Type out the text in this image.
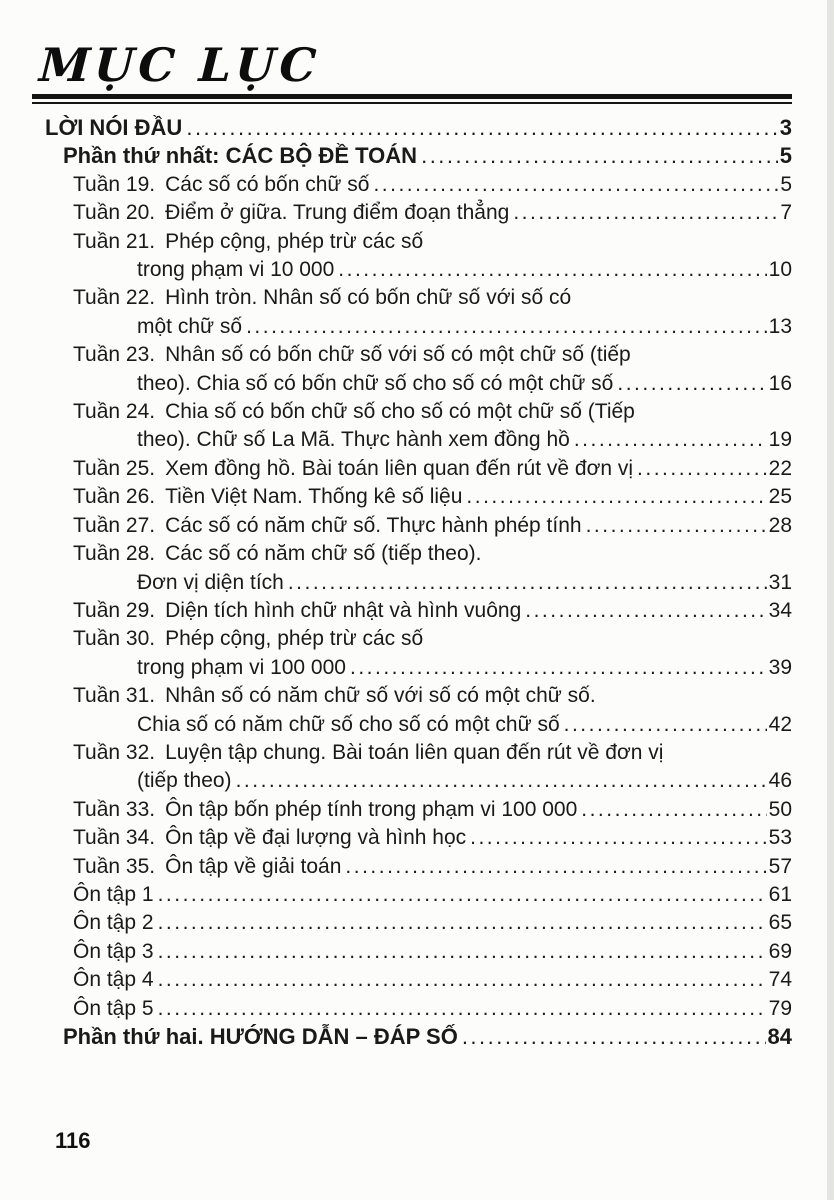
MỤC LỤC
LỜI NÓI ĐẦU .....	3
Phần thứ nhất: CÁC BỘ ĐỀ TOÁN .....	5
Tuần 19. Các số có bốn chữ số .....	5
Tuần 20. Điểm ở giữa. Trung điểm đoạn thẳng .....	7
Tuần 21. Phép cộng, phép trừ các số
trong phạm vi 10 000 .....	10
Tuần 22. Hình tròn. Nhân số có bốn chữ số với số có
một chữ số .....	13
Tuần 23. Nhân số có bốn chữ số với số có một chữ số (tiếp
theo). Chia số có bốn chữ số cho số có một chữ số .....	16
Tuần 24. Chia số có bốn chữ số cho số có một chữ số (Tiếp
theo). Chữ số La Mã. Thực hành xem đồng hồ .....	19
Tuần 25. Xem đồng hồ. Bài toán liên quan đến rút về đơn vị .....	22
Tuần 26. Tiền Việt Nam. Thống kê số liệu .....	25
Tuần 27. Các số có năm chữ số. Thực hành phép tính .....	28
Tuần 28. Các số có năm chữ số (tiếp theo).
Đơn vị diện tích .....	31
Tuần 29. Diện tích hình chữ nhật và hình vuông .....	34
Tuần 30. Phép cộng, phép trừ các số
trong phạm vi 100 000 .....	39
Tuần 31. Nhân số có năm chữ số với số có một chữ số.
Chia số có năm chữ số cho số có một chữ số .....	42
Tuần 32. Luyện tập chung. Bài toán liên quan đến rút về đơn vị
(tiếp theo) .....	46
Tuần 33. Ôn tập bốn phép tính trong phạm vi 100 000 .....	50
Tuần 34. Ôn tập về đại lượng và hình học .....	53
Tuần 35. Ôn tập về giải toán .....	57
Ôn tập 1 .....	61
Ôn tập 2 .....	65
Ôn tập 3 .....	69
Ôn tập 4 .....	74
Ôn tập 5 .....	79
Phần thứ hai. HƯỚNG DẪN – ĐÁP SỐ .....	84
116
